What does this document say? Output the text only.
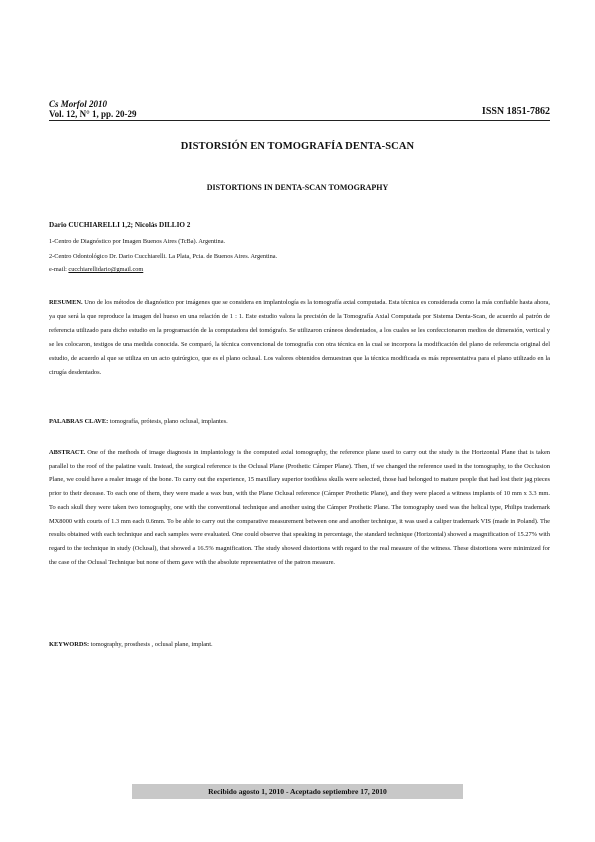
Cs Morfol 2010
Vol. 12, N° 1, pp. 20-29	ISSN 1851-7862
DISTORSIÓN EN TOMOGRAFÍA DENTA-SCAN
DISTORTIONS IN DENTA-SCAN TOMOGRAPHY
Dario CUCHIARELLI 1,2; Nicolás DILLIO 2
1-Centro de Diagnóstico por Imagen Buenos Aires (TcBa). Argentina.
2-Centro Odontológico Dr. Dario Cucchiarelli. La Plata, Pcia. de Buenos Aires. Argentina.
e-mail: cucchiarellidario@gmail.com
RESUMEN. Uno de los métodos de diagnóstico por imágenes que se considera en implantología es la tomografía axial computada. Esta técnica es considerada como la más confiable hasta ahora, ya que será la que reproduce la imagen del hueso en una relación de 1 : 1. Este estudio valora la precisión de la Tomografía Axial Computada por Sistema Denta-Scan, de acuerdo al patrón de referencia utilizado para dicho estudio en la programación de la computadora del tomógrafo. Se utilizaron cráneos desdentados, a los cuales se les confeccionaron medios de dimensión, vertical y se les colocaron, testigos de una medida conocida. Se comparó, la técnica convencional de tomografía con otra técnica en la cual se incorpora la modificación del plano de referencia original del estudio, de acuerdo al que se utiliza en un acto quirúrgico, que es el plano oclusal. Los valores obtenidos demuestran que la técnica modificada es más representativa para el plano utilizado en la cirugía desdentados.
PALABRAS CLAVE: tomografía, prótesis, plano oclusal, implantes.
ABSTRACT. One of the methods of image diagnosis in implantology is the computed axial tomography, the reference plane used to carry out the study is the Horizontal Plane that is taken parallel to the roof of the palatine vault. Instead, the surgical reference is the Oclusal Plane (Prothetic Cámper Plane). Then, if we changed the reference used in the tomography, to the Occlusion Plane, we could have a realer image of the bone. To carry out the experience, 15 maxillary superior toothless skulls were selected, those had belonged to mature people that had lost their jag pieces prior to their decease. To each one of them, they were made a wax bun, with the Plane Oclusal reference (Cámper Prothetic Plane), and they were placed a witness implants of 10 mm x 3.3 mm. To each skull they were taken two tomography, one with the conventional technique and another using the Cámper Prothetic Plane. The tomography used was the helical type, Philips trademark MX8000 with courts of 1.3 mm each 0.6mm. To be able to carry out the comparative measurement between one and another technique, it was used a caliper trademark VIS (made in Poland). The results obtained with each technique and each samples were evaluated. One could observe that speaking in percentage, the standard technique (Horizontal) showed a magnification of 15.27% with regard to the technique in study (Oclusal), that showed a 16.5% magnification. The study showed distortions with regard to the real measure of the witness. These distortions were minimized for the case of the Oclusal Technique but none of them gave with the absolute representative of the patron measure.
KEYWORDS: tomography, prosthesis , oclusal plane, implant.
Recibido agosto 1, 2010 - Aceptado septiembre 17, 2010
